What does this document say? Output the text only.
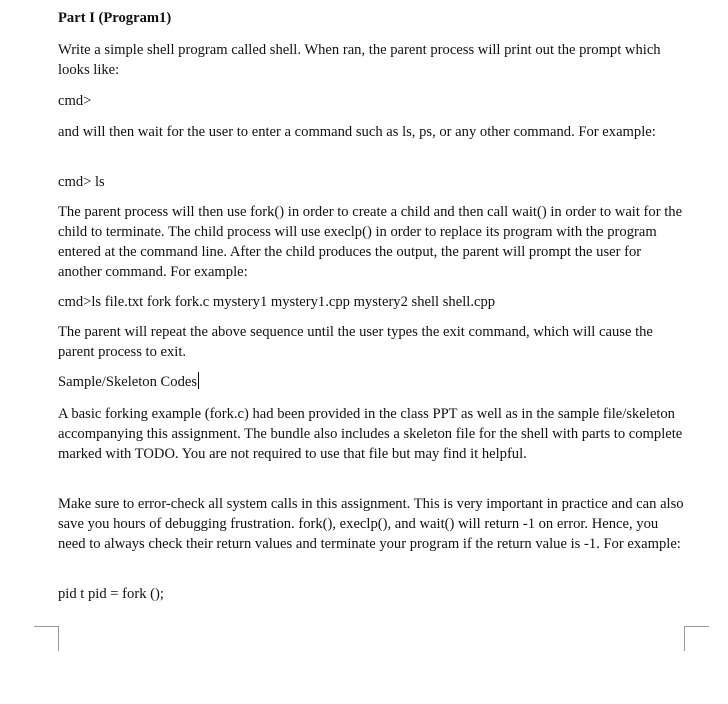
Part I (Program1)

Write a simple shell program called shell. When ran, the parent process will print out the prompt which looks like:

cmd>

and will then wait for the user to enter a command such as ls, ps, or any other command. For example:

cmd> ls

The parent process will then use fork() in order to create a child and then call wait() in order to wait for the child to terminate. The child process will use execlp() in order to replace its program with the program entered at the command line. After the child produces the output, the parent will prompt the user for another command. For example:

cmd>ls file.txt fork fork.c mystery1 mystery1.cpp mystery2 shell shell.cpp

The parent will repeat the above sequence until the user types the exit command, which will cause the parent process to exit.

Sample/Skeleton Codes

A basic forking example (fork.c) had been provided in the class PPT as well as in the sample file/skeleton accompanying this assignment. The bundle also includes a skeleton file for the shell with parts to complete marked with TODO. You are not required to use that file but may find it helpful.

Make sure to error-check all system calls in this assignment. This is very important in practice and can also save you hours of debugging frustration. fork(), execlp(), and wait() will return -1 on error. Hence, you need to always check their return values and terminate your program if the return value is -1. For example:

pid t pid = fork ();
